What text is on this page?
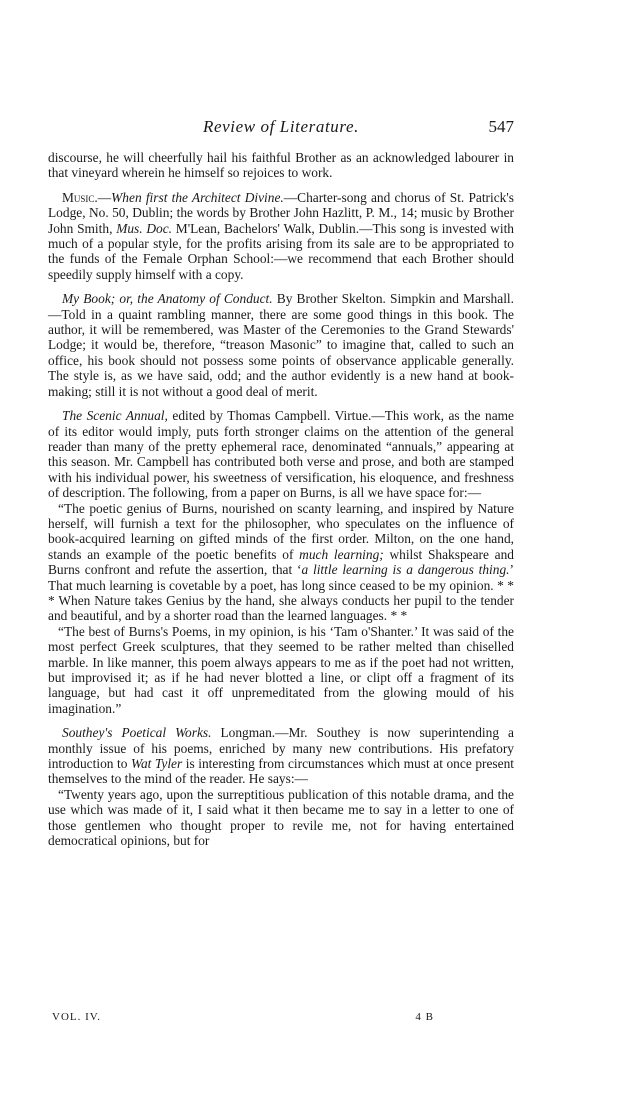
Review of Literature.	547

discourse, he will cheerfully hail his faithful Brother as an acknowledged labourer in that vineyard wherein he himself so rejoices to work.

Music.—When first the Architect Divine.—Charter-song and chorus of St. Patrick's Lodge, No. 50, Dublin; the words by Brother John Hazlitt, P. M., 14; music by Brother John Smith, Mus. Doc. M'Lean, Bachelors' Walk, Dublin.—This song is invested with much of a popular style, for the profits arising from its sale are to be appropriated to the funds of the Female Orphan School:—we recommend that each Brother should speedily supply himself with a copy.

My Book; or, the Anatomy of Conduct. By Brother Skelton. Simpkin and Marshall.—Told in a quaint rambling manner, there are some good things in this book. The author, it will be remembered, was Master of the Ceremonies to the Grand Stewards' Lodge; it would be, therefore, “treason Masonic” to imagine that, called to such an office, his book should not possess some points of observance applicable generally. The style is, as we have said, odd; and the author evidently is a new hand at book-making; still it is not without a good deal of merit.

The Scenic Annual, edited by Thomas Campbell. Virtue.—This work, as the name of its editor would imply, puts forth stronger claims on the attention of the general reader than many of the pretty ephemeral race, denominated “annuals,” appearing at this season. Mr. Campbell has contributed both verse and prose, and both are stamped with his individual power, his sweetness of versification, his eloquence, and freshness of description. The following, from a paper on Burns, is all we have space for:—

“The poetic genius of Burns, nourished on scanty learning, and inspired by Nature herself, will furnish a text for the philosopher, who speculates on the influence of book-acquired learning on gifted minds of the first order. Milton, on the one hand, stands an example of the poetic benefits of much learning; whilst Shakspeare and Burns confront and refute the assertion, that ‘a little learning is a dangerous thing.’ That much learning is covetable by a poet, has long since ceased to be my opinion. * * * When Nature takes Genius by the hand, she always conducts her pupil to the tender and beautiful, and by a shorter road than the learned languages. * *

“The best of Burns's Poems, in my opinion, is his ‘Tam o'Shanter.’ It was said of the most perfect Greek sculptures, that they seemed to be rather melted than chiselled marble. In like manner, this poem always appears to me as if the poet had not written, but improvised it; as if he had never blotted a line, or clipt off a fragment of its language, but had cast it off unpremeditated from the glowing mould of his imagination.”

Southey's Poetical Works. Longman.—Mr. Southey is now superintending a monthly issue of his poems, enriched by many new contributions. His prefatory introduction to Wat Tyler is interesting from circumstances which must at once present themselves to the mind of the reader. He says:—

“Twenty years ago, upon the surreptitious publication of this notable drama, and the use which was made of it, I said what it then became me to say in a letter to one of those gentlemen who thought proper to revile me, not for having entertained democratical opinions, but for

VOL. IV.	4 B
